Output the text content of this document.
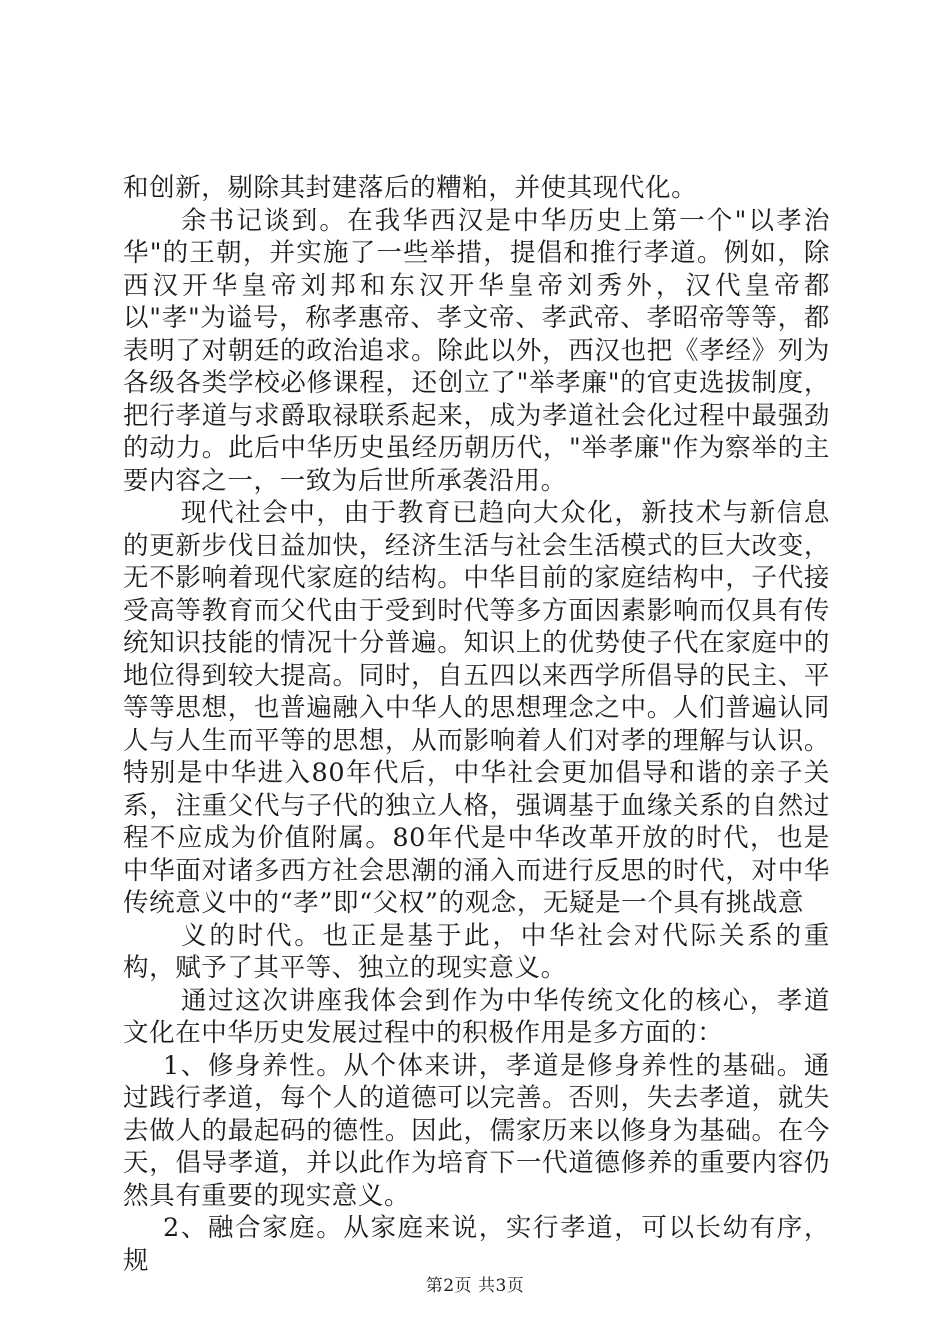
和创新，剔除其封建落后的糟粕，并使其现代化。

余书记谈到。在我华西汉是中华历史上第一个"以孝治华"的王朝，并实施了一些举措，提倡和推行孝道。例如，除西汉开华皇帝刘邦和东汉开华皇帝刘秀外，汉代皇帝都以"孝"为谥号，称孝惠帝、孝文帝、孝武帝、孝昭帝等等，都表明了对朝廷的政治追求。除此以外，西汉也把《孝经》列为各级各类学校必修课程，还创立了"举孝廉"的官吏选拔制度，把行孝道与求爵取禄联系起来，成为孝道社会化过程中最强劲的动力。此后中华历史虽经历朝历代，"举孝廉"作为察举的主要内容之一，一致为后世所承袭沿用。

现代社会中，由于教育已趋向大众化，新技术与新信息的更新步伐日益加快，经济生活与社会生活模式的巨大改变，无不影响着现代家庭的结构。中华目前的家庭结构中，子代接受高等教育而父代由于受到时代等多方面因素影响而仅具有传统知识技能的情况十分普遍。知识上的优势使子代在家庭中的地位得到较大提高。同时，自五四以来西学所倡导的民主、平等等思想，也普遍融入中华人的思想理念之中。人们普遍认同人与人生而平等的思想，从而影响着人们对孝的理解与认识。特别是中华进入80年代后，中华社会更加倡导和谐的亲子关系，注重父代与子代的独立人格，强调基于血缘关系的自然过程不应成为价值附属。80年代是中华改革开放的时代，也是中华面对诸多西方社会思潮的涌入而进行反思的时代，对中华传统意义中的“孝”即“父权”的观念，无疑是一个具有挑战意

义的时代。也正是基于此，中华社会对代际关系的重构，赋予了其平等、独立的现实意义。

通过这次讲座我体会到作为中华传统文化的核心，孝道文化在中华历史发展过程中的积极作用是多方面的：

1、修身养性。从个体来讲，孝道是修身养性的基础。通过践行孝道，每个人的道德可以完善。否则，失去孝道，就失去做人的最起码的德性。因此，儒家历来以修身为基础。在今天，倡导孝道，并以此作为培育下一代道德修养的重要内容仍然具有重要的现实意义。

2、融合家庭。从家庭来说，实行孝道，可以长幼有序，规

第2页 共3页
